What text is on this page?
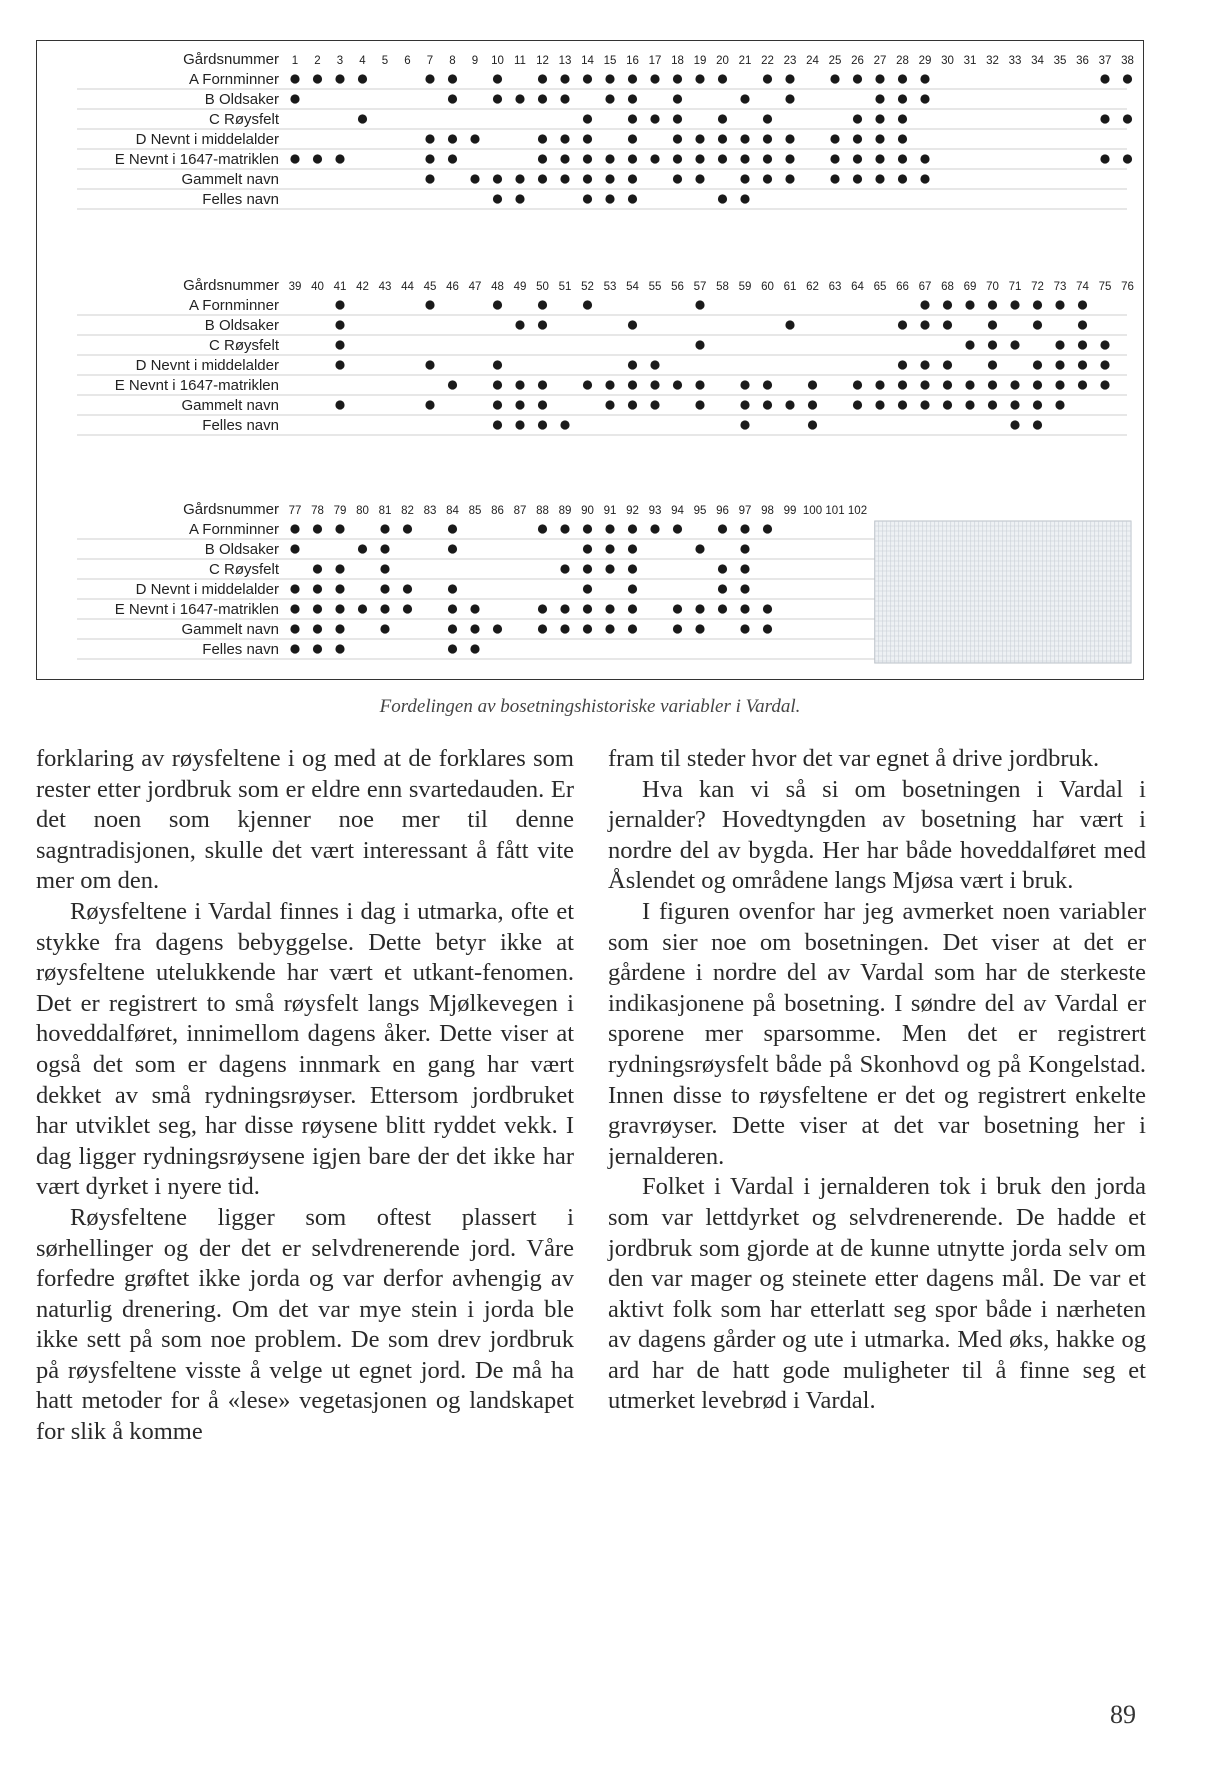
Gårdsnummer
A Fornminner
B Oldsaker
C Røysfelt
D Nevnt i middelalder
E Nevnt i 1647-matriklen
Gammelt navn
Felles navn
1 2 3 4 5 6 7 8 9 10 11 12 13 14 15 16 17 18 19 20 21 22 23 24 25 26 27 28 29 30 31 32 33 34 35 36 37 38
Gårdsnummer
A Fornminner
B Oldsaker
C Røysfelt
D Nevnt i middelalder
E Nevnt i 1647-matriklen
Gammelt navn
Felles navn
39 40 41 42 43 44 45 46 47 48 49 50 51 52 53 54 55 56 57 58 59 60 61 62 63 64 65 66 67 68 69 70 71 72 73 74 75 76
Gårdsnummer
A Fornminner
B Oldsaker
C Røysfelt
D Nevnt i middelalder
E Nevnt i 1647-matriklen
Gammelt navn
Felles navn
77 78 79 80 81 82 83 84 85 86 87 88 89 90 91 92 93 94 95 96 97 98 99 100 101 102
Fordelingen av bosetningshistoriske variabler i Vardal.

forklaring av røysfeltene i og med at de forklares som rester etter jordbruk som er eldre enn svartedauden. Er det noen som kjenner noe mer til denne sagntradisjonen, skulle det vært interessant å fått vite mer om den.

Røysfeltene i Vardal finnes i dag i utmarka, ofte et stykke fra dagens bebyggelse. Dette betyr ikke at røysfeltene utelukkende har vært et utkant-fenomen. Det er registrert to små røysfelt langs Mjølkevegen i hoveddalføret, innimellom dagens åker. Dette viser at også det som er dagens innmark en gang har vært dekket av små rydningsrøyser. Ettersom jordbruket har utviklet seg, har disse røysene blitt ryddet vekk. I dag ligger rydningsrøysene igjen bare der det ikke har vært dyrket i nyere tid.

Røysfeltene ligger som oftest plassert i sørhellinger og der det er selvdrenerende jord. Våre forfedre grøftet ikke jorda og var derfor avhengig av naturlig drenering. Om det var mye stein i jorda ble ikke sett på som noe problem. De som drev jordbruk på røysfeltene visste å velge ut egnet jord. De må ha hatt metoder for å «lese» vegetasjonen og landskapet for slik å komme

fram til steder hvor det var egnet å drive jordbruk.

Hva kan vi så si om bosetningen i Vardal i jernalder? Hovedtyngden av bosetning har vært i nordre del av bygda. Her har både hoveddalføret med Åslendet og områdene langs Mjøsa vært i bruk.

I figuren ovenfor har jeg avmerket noen variabler som sier noe om bosetningen. Det viser at det er gårdene i nordre del av Vardal som har de sterkeste indikasjonene på bosetning. I søndre del av Vardal er sporene mer sparsomme. Men det er registrert rydningsrøysfelt både på Skonhovd og på Kongelstad. Innen disse to røysfeltene er det og registrert enkelte gravrøyser. Dette viser at det var bosetning her i jernalderen.

Folket i Vardal i jernalderen tok i bruk den jorda som var lettdyrket og selvdrenerende. De hadde et jordbruk som gjorde at de kunne utnytte jorda selv om den var mager og steinete etter dagens mål. De var et aktivt folk som har etterlatt seg spor både i nærheten av dagens gårder og ute i utmarka. Med øks, hakke og ard har de hatt gode muligheter til å finne seg et utmerket levebrød i Vardal.

89
